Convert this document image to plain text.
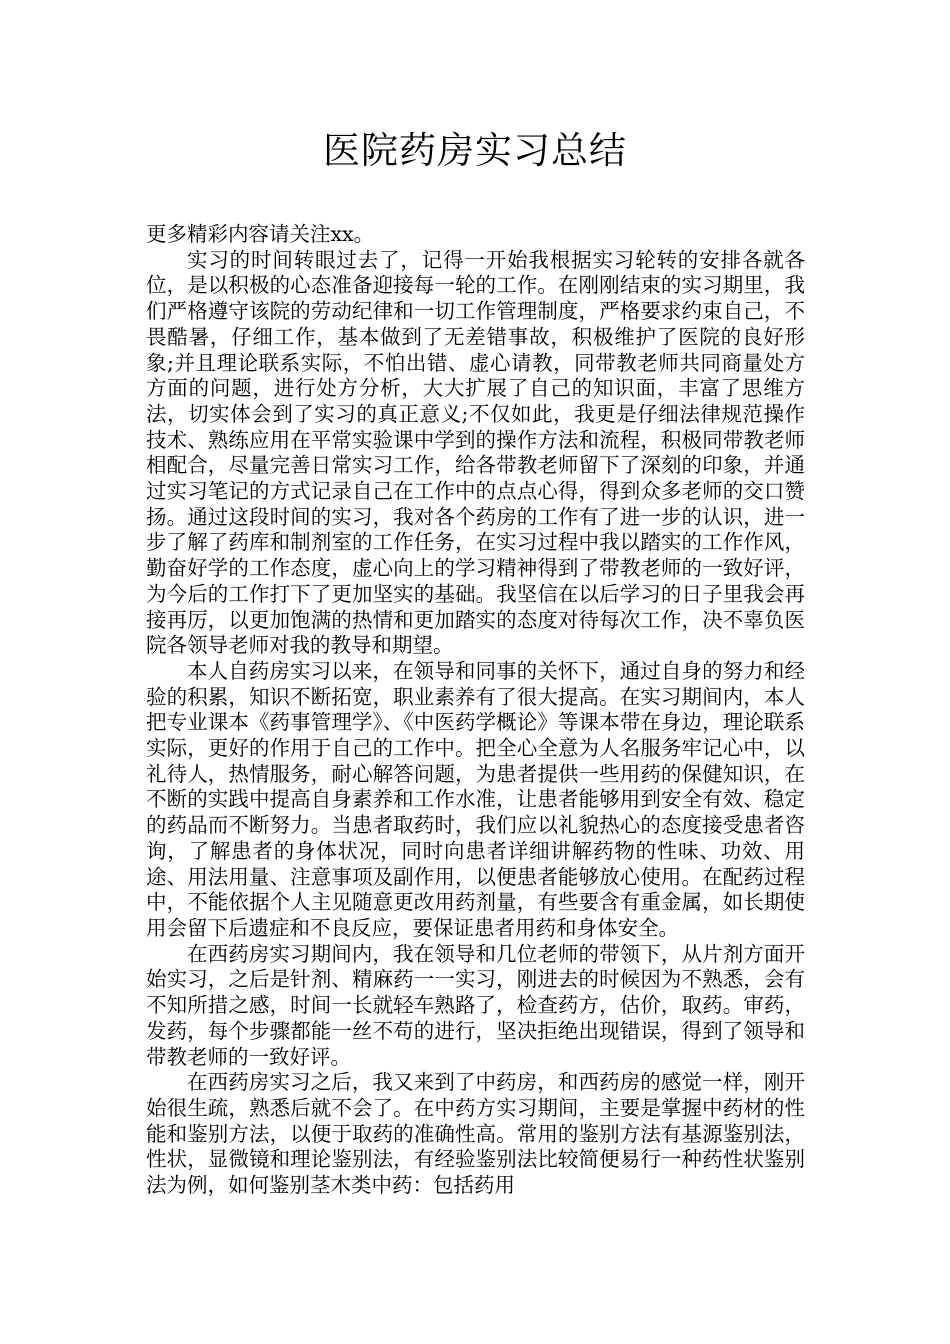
医院药房实习总结

更多精彩内容请关注xx。

实习的时间转眼过去了，记得一开始我根据实习轮转的安排各就各位，是以积极的心态准备迎接每一轮的工作。在刚刚结束的实习期里，我们严格遵守该院的劳动纪律和一切工作管理制度，严格要求约束自己，不畏酷暑，仔细工作，基本做到了无差错事故，积极维护了医院的良好形象;并且理论联系实际，不怕出错、虚心请教，同带教老师共同商量处方方面的问题，进行处方分析，大大扩展了自己的知识面，丰富了思维方法，切实体会到了实习的真正意义;不仅如此，我更是仔细法律规范操作技术、熟练应用在平常实验课中学到的操作方法和流程，积极同带教老师相配合，尽量完善日常实习工作，给各带教老师留下了深刻的印象，并通过实习笔记的方式记录自己在工作中的点点心得，得到众多老师的交口赞扬。通过这段时间的实习，我对各个药房的工作有了进一步的认识，进一步了解了药库和制剂室的工作任务，在实习过程中我以踏实的工作作风，勤奋好学的工作态度，虚心向上的学习精神得到了带教老师的一致好评，为今后的工作打下了更加坚实的基础。我坚信在以后学习的日子里我会再接再厉，以更加饱满的热情和更加踏实的态度对待每次工作，决不辜负医院各领导老师对我的教导和期望。

本人自药房实习以来，在领导和同事的关怀下，通过自身的努力和经验的积累，知识不断拓宽，职业素养有了很大提高。在实习期间内，本人把专业课本《药事管理学》、《中医药学概论》等课本带在身边，理论联系实际，更好的作用于自己的工作中。把全心全意为人名服务牢记心中，以礼待人，热情服务，耐心解答问题，为患者提供一些用药的保健知识，在不断的实践中提高自身素养和工作水准，让患者能够用到安全有效、稳定的药品而不断努力。当患者取药时，我们应以礼貌热心的态度接受患者咨询，了解患者的身体状况，同时向患者详细讲解药物的性味、功效、用途、用法用量、注意事项及副作用，以便患者能够放心使用。在配药过程中，不能依据个人主见随意更改用药剂量，有些要含有重金属，如长期使用会留下后遗症和不良反应，要保证患者用药和身体安全。

在西药房实习期间内，我在领导和几位老师的带领下，从片剂方面开始实习，之后是针剂、精麻药一一实习，刚进去的时候因为不熟悉，会有不知所措之感，时间一长就轻车熟路了，检查药方，估价，取药。审药，发药，每个步骤都能一丝不苟的进行，坚决拒绝出现错误，得到了领导和带教老师的一致好评。

在西药房实习之后，我又来到了中药房，和西药房的感觉一样，刚开始很生疏，熟悉后就不会了。在中药方实习期间，主要是掌握中药材的性能和鉴别方法，以便于取药的准确性高。常用的鉴别方法有基源鉴别法，性状，显微镜和理论鉴别法，有经验鉴别法比较简便易行一种药性状鉴别法为例，如何鉴别茎木类中药：包括药用
